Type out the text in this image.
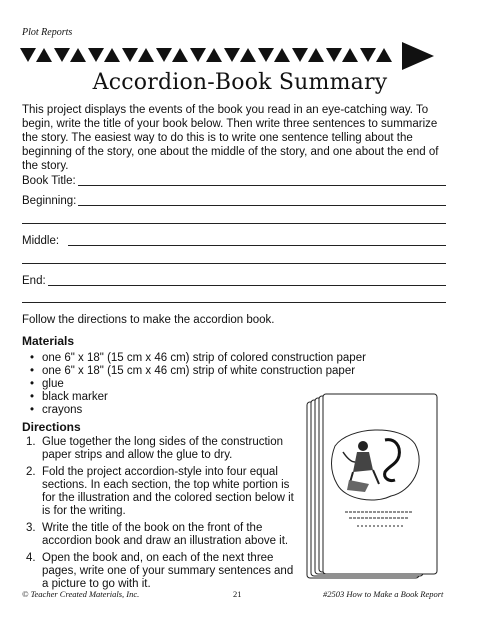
Plot Reports
Accordion-Book Summary
This project displays the events of the book you read in an eye-catching way. To begin, write the title of your book below. Then write three sentences to summarize the story. The easiest way to do this is to write one sentence telling about the beginning of the story, one about the middle of the story, and one about the end of the story.
Book Title:
Beginning:
Middle:
End:
Follow the directions to make the accordion book.
Materials
• one 6" x 18" (15 cm x 46 cm) strip of colored construction paper
• one 6" x 18" (15 cm x 46 cm) strip of white construction paper
• glue
• black marker
• crayons
Directions
1. Glue together the long sides of the construction paper strips and allow the glue to dry.
2. Fold the project accordion-style into four equal sections. In each section, the top white portion is for the illustration and the colored section below it is for the writing.
3. Write the title of the book on the front of the accordion book and draw an illustration above it.
4. Open the book and, on each of the next three pages, write one of your summary sentences and a picture to go with it.
© Teacher Created Materials, Inc.	21	#2503 How to Make a Book Report
